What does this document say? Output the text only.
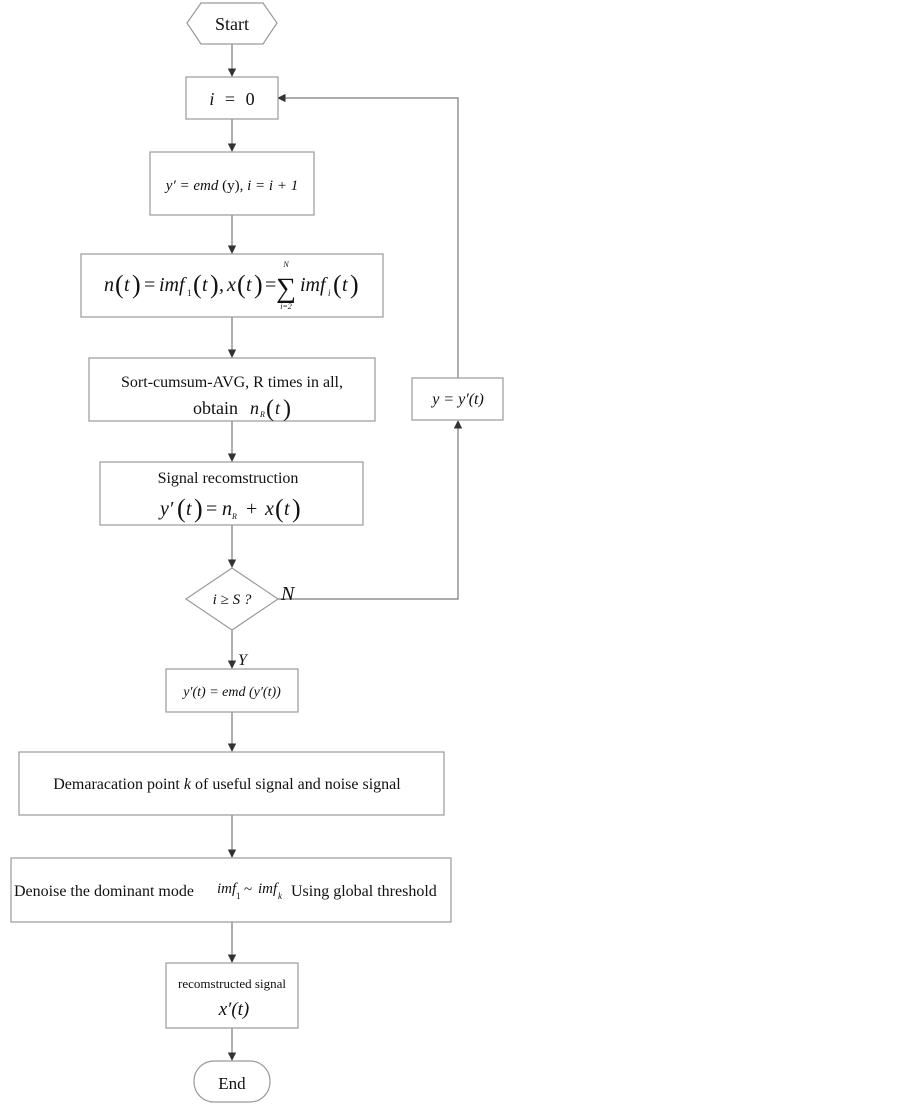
Start
i = 0
y′ = emd (y), i = i + 1
n ( t ) = imf 1 ( t ) , x ( t ) =
N
∑
i=2
imf i ( t )
Sort-cumsum-AVG, R times in all,
obtain n R ( t )
Signal recomstruction
y′ ( t ) = n R + x ( t )
i ≥ S ? N
Y
y = y′(t)
y′(t) = emd (y′(t))
Demaracation point k of useful signal and noise signal
Denoise the dominant mode imf 1 ~ imf k Using global threshold
recomstructed signal
x′(t)
End
